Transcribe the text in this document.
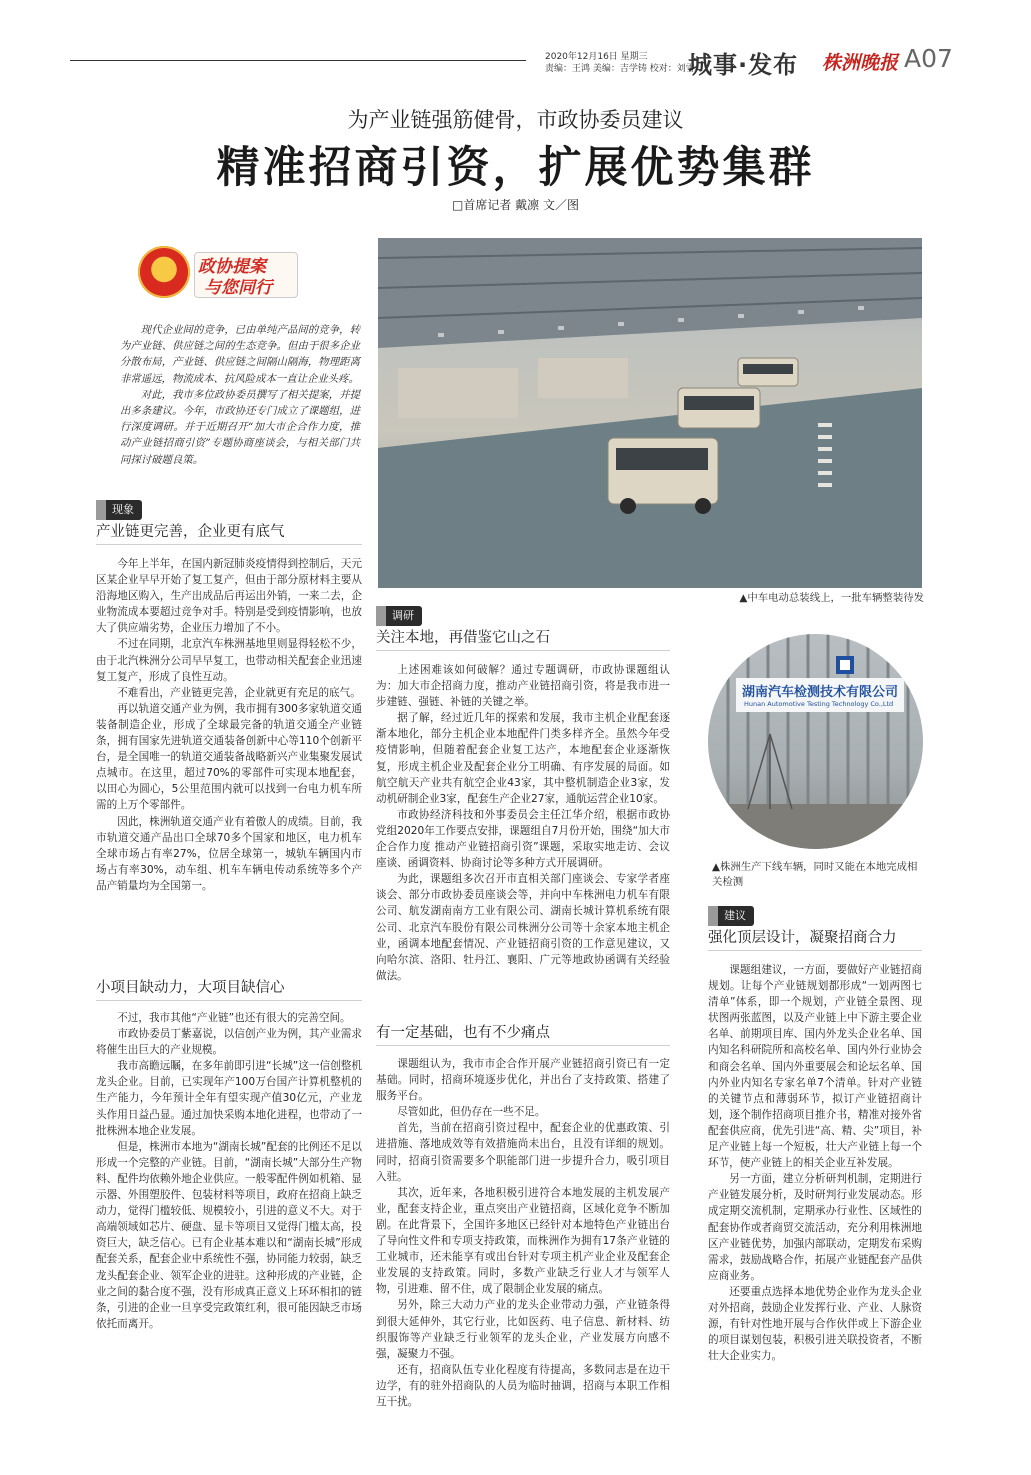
2020年12月16日 星期三
责编：王鸿 美编：吉学铸 校对：刘雪
城事·发布 株洲晚报 A07
为产业链强筋健骨，市政协委员建议
精准招商引资，扩展优势集群
□首席记者 戴凛 文／图
政协提案
与您同行

现代企业间的竞争，已由单纯产品间的竞争，转为产业链、供应链之间的生态竞争。但由于很多企业分散布局，产业链、供应链之间隔山隔海，物理距离非常遥远，物流成本、抗风险成本一直让企业头疼。

对此，我市多位政协委员撰写了相关提案，并提出多条建议。今年，市政协还专门成立了课题组，进行深度调研。并于近期召开“加大市企合作力度，推动产业链招商引资”专题协商座谈会，与相关部门共同探讨破题良策。

▲中车电动总装线上，一批车辆整装待发
湖南汽车检测技术有限公司
Hunan Automotive Testing Technology Co.,Ltd
▲株洲生产下线车辆，同时又能在本地完成相关检测
现象
产业链更完善，企业更有底气

今年上半年，在国内新冠肺炎疫情得到控制后，天元区某企业早早开始了复工复产，但由于部分原材料主要从沿海地区购入，生产出成品后再运出外销，一来二去，企业物流成本要超过竞争对手。特别是受到疫情影响，也放大了供应端劣势，企业压力增加了不小。

不过在同期，北京汽车株洲基地里则显得轻松不少，由于北汽株洲分公司早早复工，也带动相关配套企业迅速复工复产，形成了良性互动。

不难看出，产业链更完善，企业就更有充足的底气。

再以轨道交通产业为例，我市拥有300多家轨道交通装备制造企业，形成了全球最完备的轨道交通全产业链条，拥有国家先进轨道交通装备创新中心等110个创新平台，是全国唯一的轨道交通装备战略新兴产业集聚发展试点城市。在这里，超过70%的零部件可实现本地配套，以田心为圆心，5公里范围内就可以找到一台电力机车所需的上万个零部件。

因此，株洲轨道交通产业有着傲人的成绩。目前，我市轨道交通产品出口全球70多个国家和地区，电力机车全球市场占有率27%，位居全球第一，城轨车辆国内市场占有率30%，动车组、机车车辆电传动系统等多个产品产销量均为全国第一。

小项目缺动力，大项目缺信心

不过，我市其他“产业链”也还有很大的完善空间。

市政协委员丁紫嘉说，以信创产业为例，其产业需求将催生出巨大的产业规模。

我市高瞻远瞩，在多年前即引进“长城”这一信创整机龙头企业。目前，已实现年产100万台国产计算机整机的生产能力，今年预计全年有望实现产值30亿元，产业龙头作用日益凸显。通过加快采购本地化进程，也带动了一批株洲本地企业发展。

但是，株洲市本地为“湖南长城”配套的比例还不足以形成一个完整的产业链。目前，“湖南长城”大部分生产物料、配件均依赖外地企业供应。一般零配件例如机箱、显示器、外围塑胶件、包装材料等项目，政府在招商上缺乏动力，觉得门槛较低、规模较小，引进的意义不大。对于高端领域如芯片、硬盘、显卡等项目又觉得门槛太高，投资巨大，缺乏信心。已有企业基本难以和“湖南长城”形成配套关系，配套企业中系统性不强，协同能力较弱，缺乏龙头配套企业、领军企业的进驻。这种形成的产业链，企业之间的黏合度不强，没有形成真正意义上环环相扣的链条，引进的企业一旦享受完政策红利，很可能因缺乏市场依托而离开。

调研
关注本地，再借鉴它山之石

上述困难该如何破解？通过专题调研，市政协课题组认为：加大市企招商力度，推动产业链招商引资，将是我市进一步建链、强链、补链的关键之举。

据了解，经过近几年的探索和发展，我市主机企业配套逐渐本地化，部分主机企业本地配件门类多样齐全。虽然今年受疫情影响，但随着配套企业复工达产，本地配套企业逐渐恢复，形成主机企业及配套企业分工明确、有序发展的局面。如航空航天产业共有航空企业43家，其中整机制造企业3家，发动机研制企业3家，配套生产企业27家，通航运营企业10家。

市政协经济科技和外事委员会主任江华介绍，根据市政协党组2020年工作要点安排，课题组自7月份开始，围绕“加大市企合作力度 推动产业链招商引资”课题，采取实地走访、会议座谈、函调资料、协商讨论等多种方式开展调研。

为此，课题组多次召开市直相关部门座谈会、专家学者座谈会、部分市政协委员座谈会等，并向中车株洲电力机车有限公司、航发湖南南方工业有限公司、湖南长城计算机系统有限公司、北京汽车股份有限公司株洲分公司等十余家本地主机企业，函调本地配套情况、产业链招商引资的工作意见建议，又向哈尔滨、洛阳、牡丹江、襄阳、广元等地政协函调有关经验做法。

有一定基础，也有不少痛点

课题组认为，我市市企合作开展产业链招商引资已有一定基础。同时，招商环境逐步优化，并出台了支持政策、搭建了服务平台。

尽管如此，但仍存在一些不足。

首先，当前在招商引资过程中，配套企业的优惠政策、引进措施、落地成效等有效措施尚未出台，且没有详细的规划。同时，招商引资需要多个职能部门进一步提升合力，吸引项目入驻。

其次，近年来，各地积极引进符合本地发展的主机发展产业，配套支持企业，重点突出产业链招商，区域化竞争不断加剧。在此背景下，全国许多地区已经针对本地特色产业链出台了导向性文件和专项支持政策，而株洲作为拥有17条产业链的工业城市，还未能享有或出台针对专项主机产业企业及配套企业发展的支持政策。同时，多数产业缺乏行业人才与领军人物，引进难、留不住，成了限制企业发展的痛点。

另外，除三大动力产业的龙头企业带动力强，产业链条得到很大延伸外，其它行业，比如医药、电子信息、新材料、纺织服饰等产业缺乏行业领军的龙头企业，产业发展方向感不强，凝聚力不强。

还有，招商队伍专业化程度有待提高，多数同志是在边干边学，有的驻外招商队的人员为临时抽调，招商与本职工作相互干扰。

建议
强化顶层设计，凝聚招商合力

课题组建议，一方面，要做好产业链招商规划。让每个产业链规划都形成“一划两图七清单”体系，即一个规划，产业链全景图、现状图两张蓝图，以及产业链上中下游主要企业名单、前期项目库、国内外龙头企业名单、国内知名科研院所和高校名单、国内外行业协会和商会名单、国内外重要展会和论坛名单、国内外业内知名专家名单7个清单。针对产业链的关键节点和薄弱环节，拟订产业链招商计划，逐个制作招商项目推介书，精准对接外省配套供应商，优先引进“高、精、尖”项目，补足产业链上每一个短板，壮大产业链上每一个环节，使产业链上的相关企业互补发展。

另一方面，建立分析研判机制，定期进行产业链发展分析，及时研判行业发展动态。形成定期交流机制，定期承办行业性、区域性的配套协作或者商贸交流活动，充分利用株洲地区产业链优势，加强内部联动，定期发布采购需求，鼓励战略合作，拓展产业链配套产品供应商业务。

还要重点选择本地优势企业作为龙头企业对外招商，鼓励企业发挥行业、产业、人脉资源，有针对性地开展与合作伙伴或上下游企业的项目谋划包装，积极引进关联投资者，不断壮大企业实力。
